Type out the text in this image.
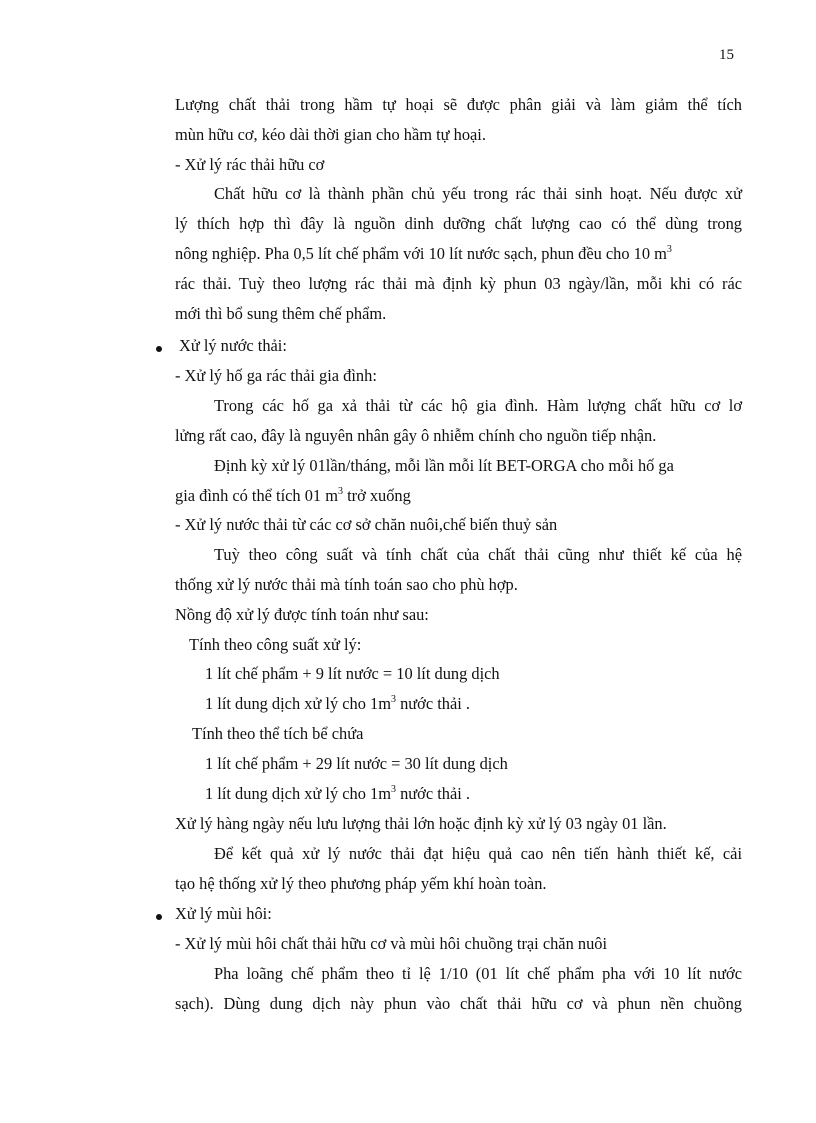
15
Lượng chất thải trong hầm tự hoại sẽ được phân giải và làm giảm thể tích
mùn hữu cơ, kéo dài thời gian cho hầm tự hoại.
- Xử lý rác thải hữu cơ
Chất hữu cơ là thành phần chủ yếu trong rác thải sinh hoạt. Nếu được xử
lý thích hợp thì đây là nguồn dinh dưỡng chất lượng cao có thể dùng trong
nông nghiệp. Pha 0,5 lít chế phẩm với 10 lít nước sạch, phun đều cho 10 $m^3$
rác thải. Tuỳ theo lượng rác thải mà định kỳ phun 03 ngày/lần, mỗi khi có rác
mới thì bổ sung thêm chế phẩm.
Xử lý nước thải:
- Xử lý hố ga rác thải gia đình:
Trong các hố ga xả thải từ các hộ gia đình. Hàm lượng chất hữu cơ lơ
lửng rất cao, đây là nguyên nhân gây ô nhiễm chính cho nguồn tiếp nhận.
Định kỳ xử lý 01lần/tháng, mỗi lần mỗi lít BET-ORGA cho mỗi hố ga
gia đình có thể tích 01 $m^3$ trở xuống
- Xử lý nước thải từ các cơ sở chăn nuôi,chế biến thuỷ sản
Tuỳ theo công suất và tính chất của chất thải cũng như thiết kế của hệ
thống xử lý nước thải mà tính toán sao cho phù hợp.
Nồng độ xử lý được tính toán như sau:
Tính theo công suất xử lý:
1 lít chế phẩm + 9 lít nước = 10 lít dung dịch
1 lít dung dịch xử lý cho $1m^3$ nước thải .
Tính theo thể tích bể chứa
1 lít chế phẩm + 29 lít nước = 30 lít dung dịch
1 lít dung dịch xử lý cho $1m^3$ nước thải .
Xử lý hàng ngày nếu lưu lượng thải lớn hoặc định kỳ xử lý 03 ngày 01 lần.
Để kết quả xử lý nước thải đạt hiệu quả cao nên tiến hành thiết kế, cải
tạo hệ thống xử lý theo phương pháp yếm khí hoàn toàn.
Xử lý mùi hôi:
- Xử lý mùi hôi chất thải hữu cơ và mùi hôi chuồng trại chăn nuôi
Pha loãng chế phẩm theo tỉ lệ 1/10 (01 lít chế phẩm pha với 10 lít nước
sạch). Dùng dung dịch này phun vào chất thải hữu cơ và phun nền chuồng
